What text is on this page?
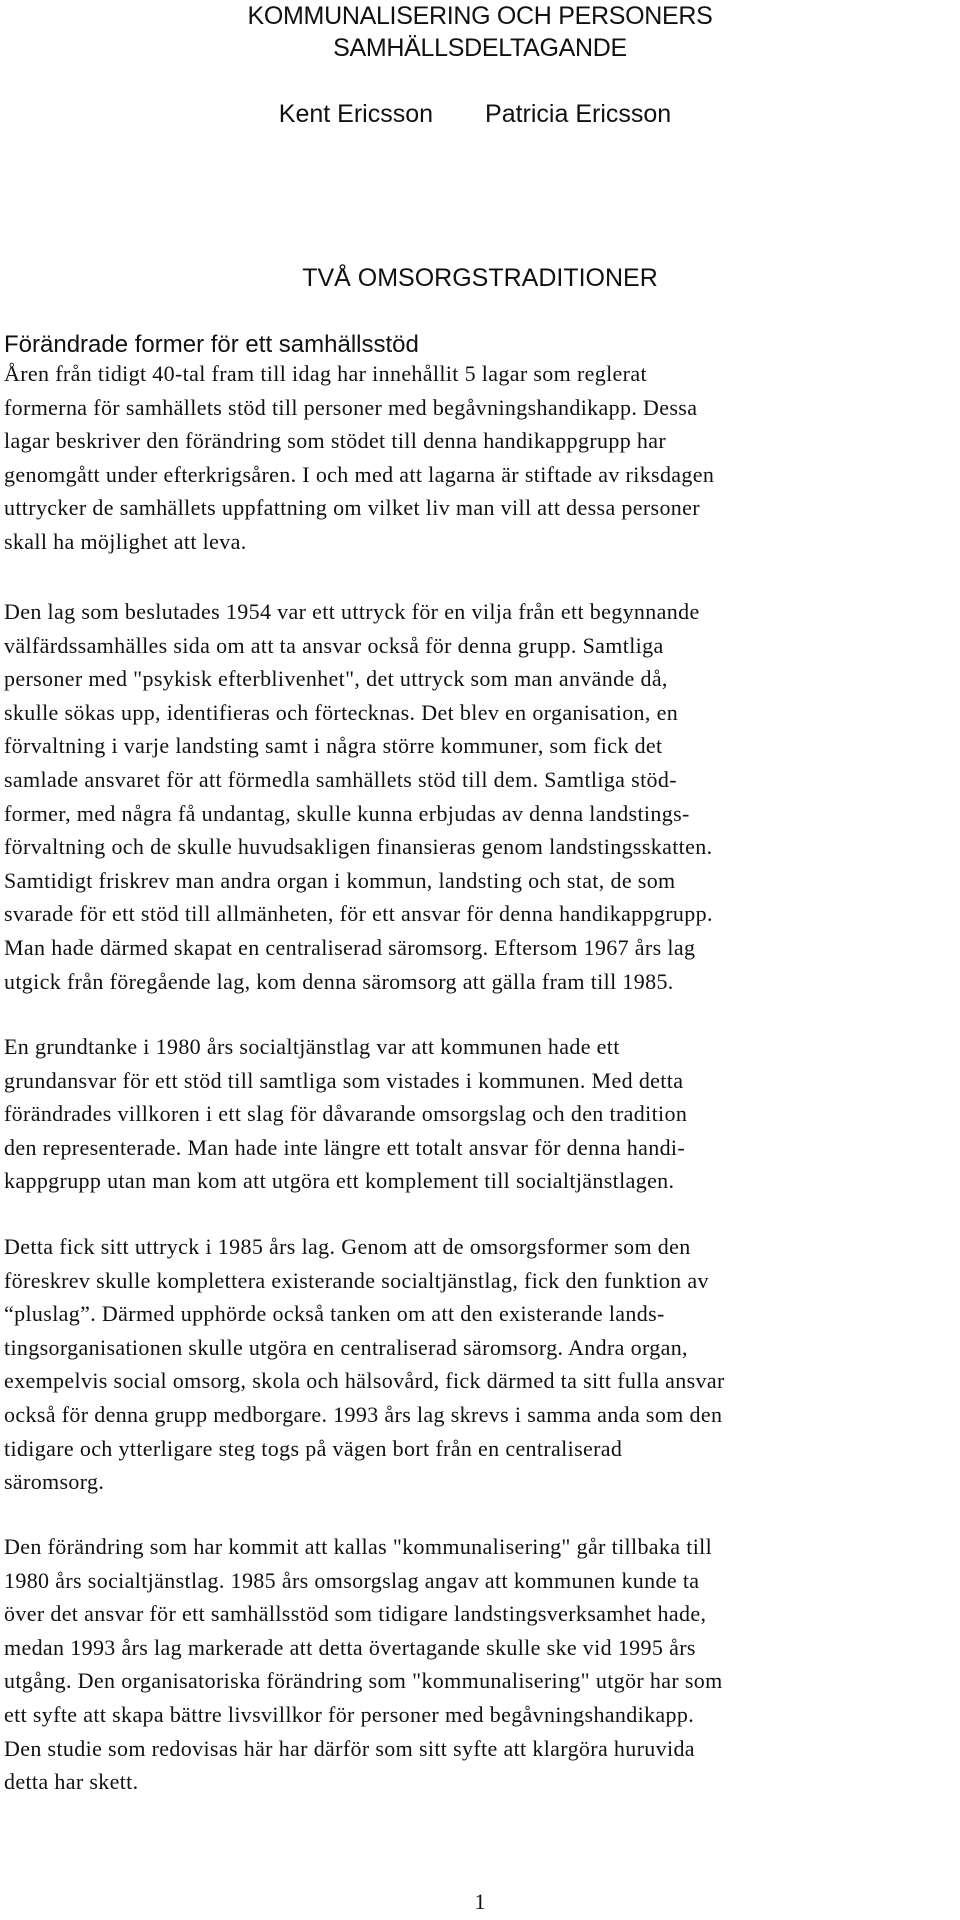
KOMMUNALISERING OCH PERSONERS
SAMHÄLLSDELTAGANDE
Kent Ericsson Patricia Ericsson
TVÅ OMSORGSTRADITIONER
Förändrade former för ett samhällsstöd
Åren från tidigt 40-tal fram till idag har innehållit 5 lagar som reglerat
formerna för samhällets stöd till personer med begåvningshandikapp. Dessa
lagar beskriver den förändring som stödet till denna handikappgrupp har
genomgått under efterkrigsåren. I och med att lagarna är stiftade av riksdagen
uttrycker de samhällets uppfattning om vilket liv man vill att dessa personer
skall ha möjlighet att leva.
Den lag som beslutades 1954 var ett uttryck för en vilja från ett begynnande
välfärdssamhälles sida om att ta ansvar också för denna grupp. Samtliga
personer med "psykisk efterblivenhet", det uttryck som man använde då,
skulle sökas upp, identifieras och förtecknas. Det blev en organisation, en
förvaltning i varje landsting samt i några större kommuner, som fick det
samlade ansvaret för att förmedla samhällets stöd till dem. Samtliga stöd-
former, med några få undantag, skulle kunna erbjudas av denna landstings-
förvaltning och de skulle huvudsakligen finansieras genom landstingsskatten.
Samtidigt friskrev man andra organ i kommun, landsting och stat, de som
svarade för ett stöd till allmänheten, för ett ansvar för denna handikappgrupp.
Man hade därmed skapat en centraliserad säromsorg. Eftersom 1967 års lag
utgick från föregående lag, kom denna säromsorg att gälla fram till 1985.
En grundtanke i 1980 års socialtjänstlag var att kommunen hade ett
grundansvar för ett stöd till samtliga som vistades i kommunen. Med detta
förändrades villkoren i ett slag för dåvarande omsorgslag och den tradition
den representerade. Man hade inte längre ett totalt ansvar för denna handi-
kappgrupp utan man kom att utgöra ett komplement till socialtjänstlagen.
Detta fick sitt uttryck i 1985 års lag. Genom att de omsorgsformer som den
föreskrev skulle komplettera existerande socialtjänstlag, fick den funktion av
“pluslag”. Därmed upphörde också tanken om att den existerande lands-
tingsorganisationen skulle utgöra en centraliserad säromsorg. Andra organ,
exempelvis social omsorg, skola och hälsovård, fick därmed ta sitt fulla ansvar
också för denna grupp medborgare. 1993 års lag skrevs i samma anda som den
tidigare och ytterligare steg togs på vägen bort från en centraliserad
säromsorg.
Den förändring som har kommit att kallas "kommunalisering" går tillbaka till
1980 års socialtjänstlag. 1985 års omsorgslag angav att kommunen kunde ta
över det ansvar för ett samhällsstöd som tidigare landstingsverksamhet hade,
medan 1993 års lag markerade att detta övertagande skulle ske vid 1995 års
utgång. Den organisatoriska förändring som "kommunalisering" utgör har som
ett syfte att skapa bättre livsvillkor för personer med begåvningshandikapp.
Den studie som redovisas här har därför som sitt syfte att klargöra huruvida
detta har skett.
1
